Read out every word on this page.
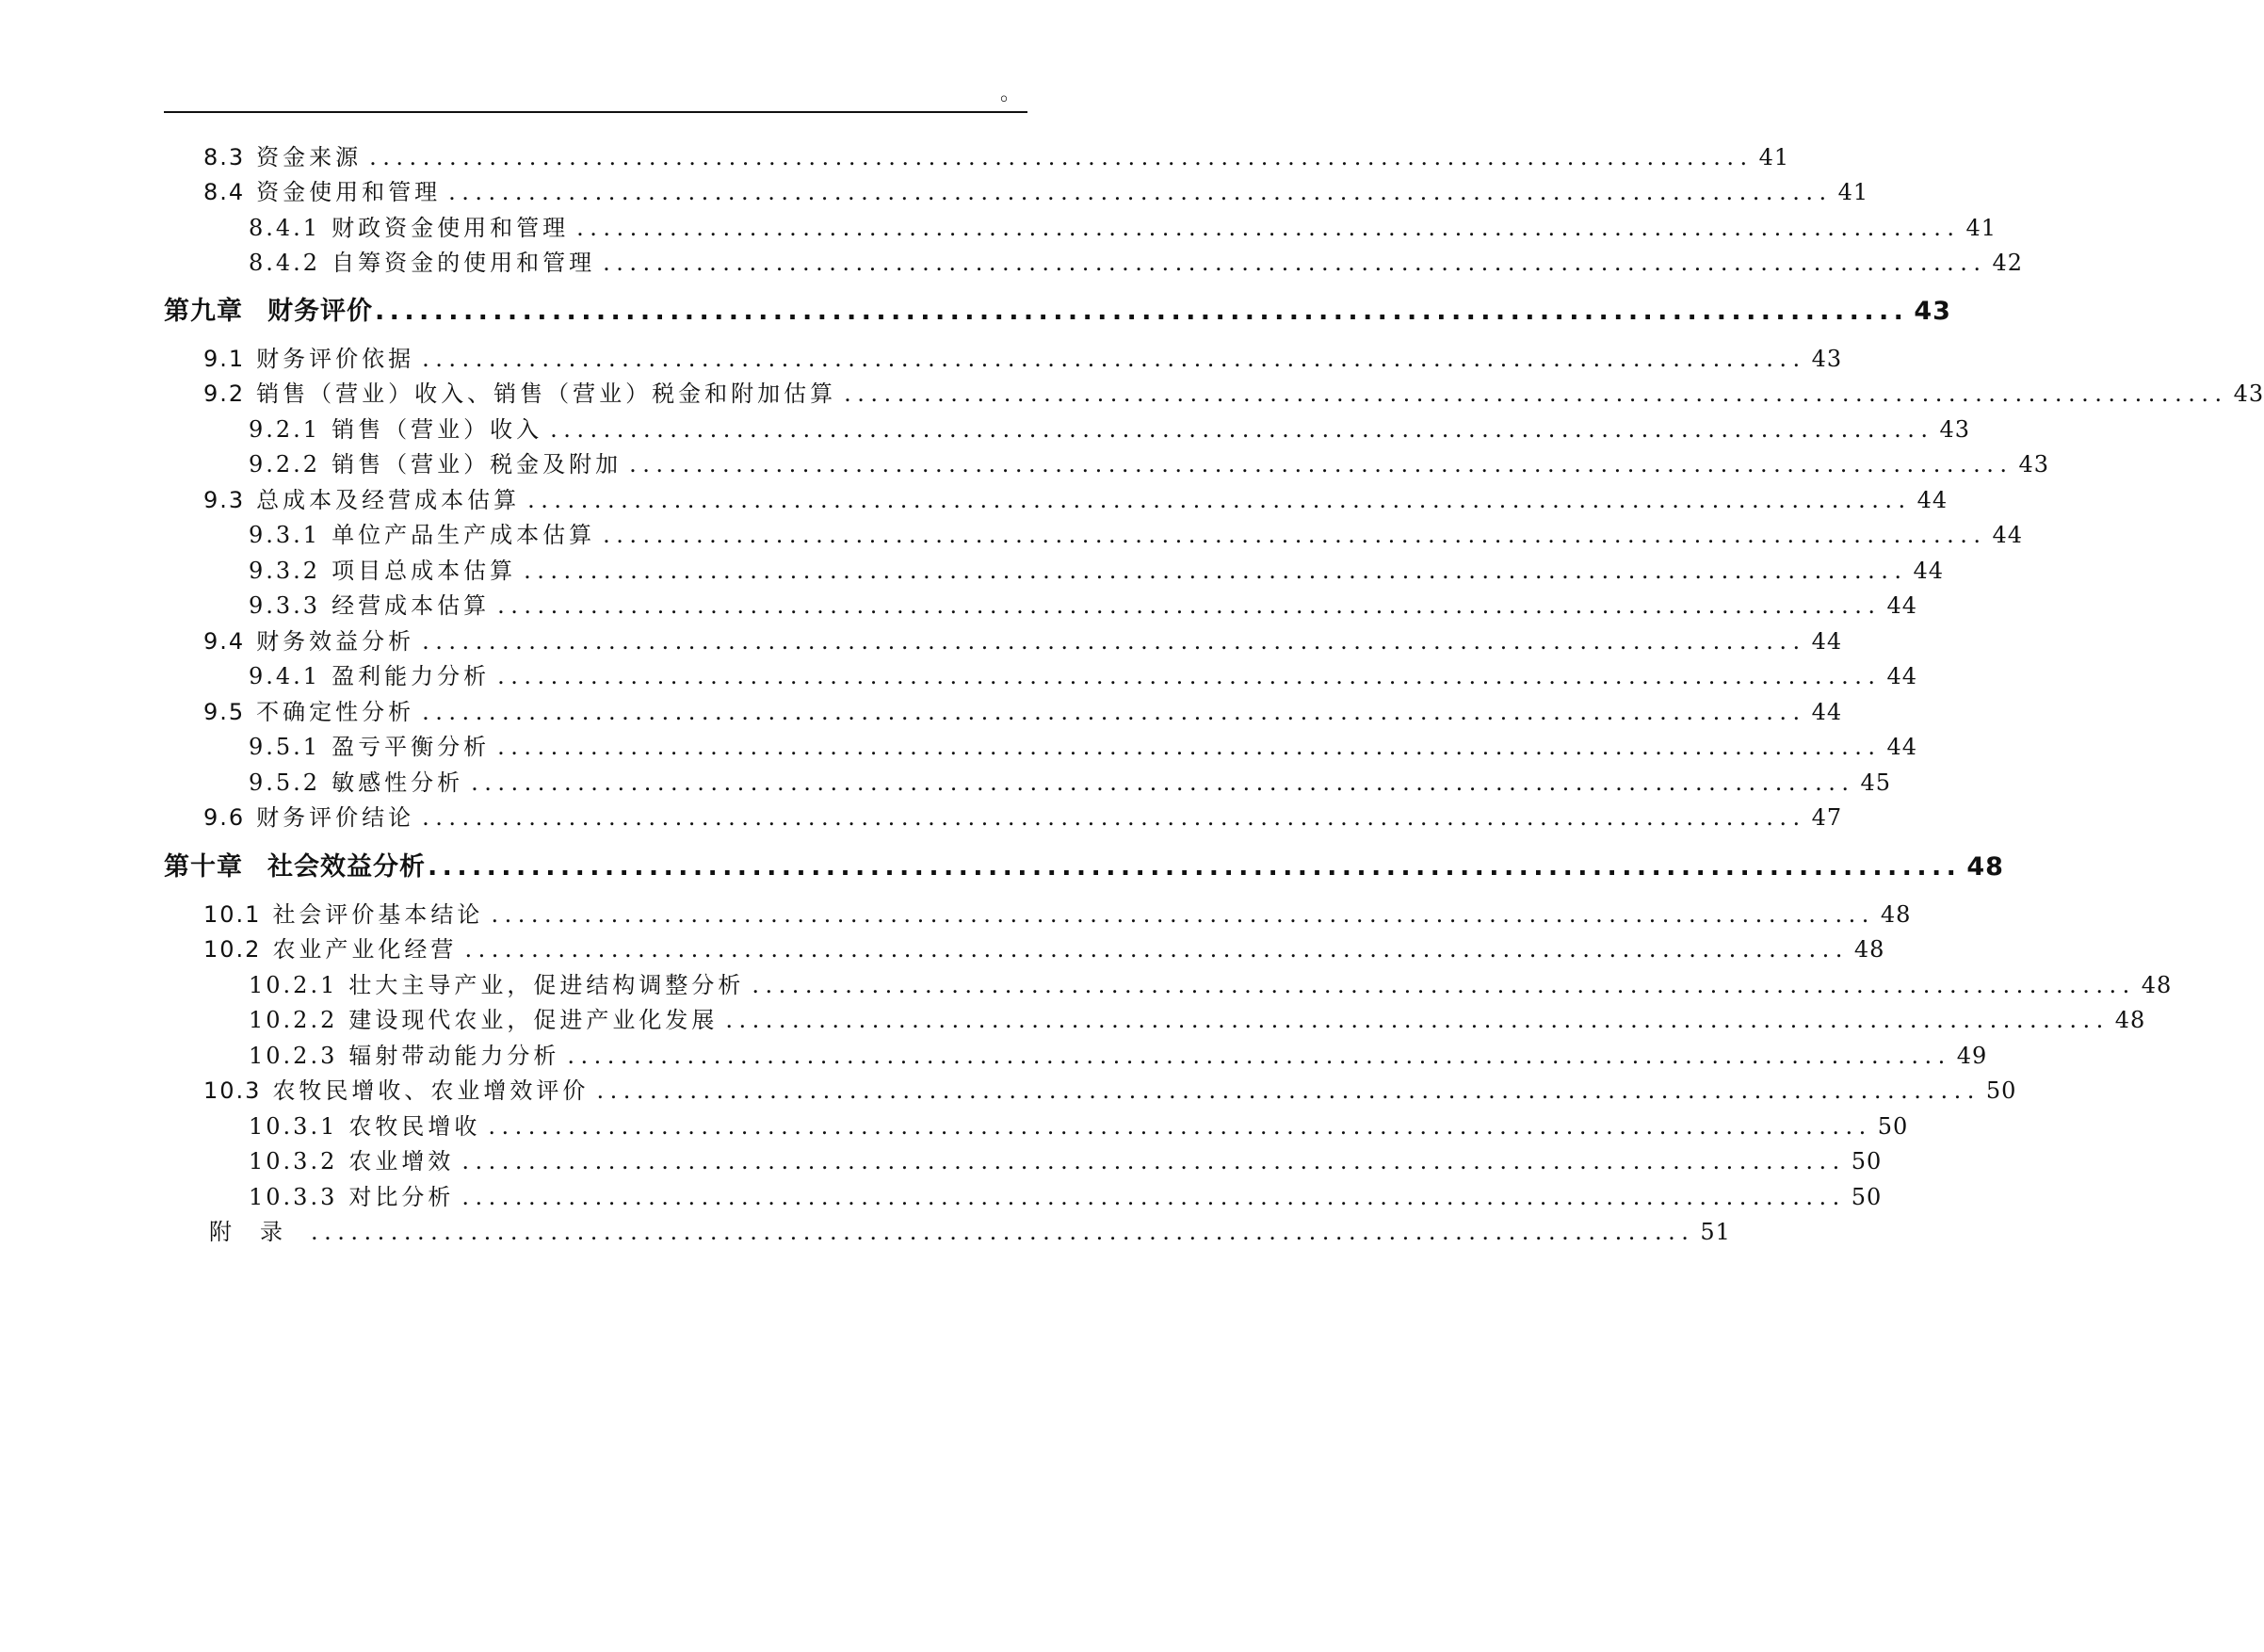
。
8.3 资金来源 ........................................................................................................ 41
8.4 资金使用和管理 ........................................................................................................ 41
8.4.1 财政资金使用和管理 ........................................................................................................ 41
8.4.2 自筹资金的使用和管理 ........................................................................................................ 42
第九章 财务评价 ........................................................................................................ 43
9.1 财务评价依据 ........................................................................................................ 43
9.2 销售（营业）收入、销售（营业）税金和附加估算 ........................................................................................................ 43
9.2.1 销售（营业）收入 ........................................................................................................ 43
9.2.2 销售（营业）税金及附加 ........................................................................................................ 43
9.3 总成本及经营成本估算 ........................................................................................................ 44
9.3.1 单位产品生产成本估算 ........................................................................................................ 44
9.3.2 项目总成本估算 ........................................................................................................ 44
9.3.3 经营成本估算 ........................................................................................................ 44
9.4 财务效益分析 ........................................................................................................ 44
9.4.1 盈利能力分析 ........................................................................................................ 44
9.5 不确定性分析 ........................................................................................................ 44
9.5.1 盈亏平衡分析 ........................................................................................................ 44
9.5.2 敏感性分析 ........................................................................................................ 45
9.6 财务评价结论 ........................................................................................................ 47
第十章 社会效益分析 ........................................................................................................ 48
10.1 社会评价基本结论 ........................................................................................................ 48
10.2 农业产业化经营 ........................................................................................................ 48
10.2.1 壮大主导产业，促进结构调整分析 ........................................................................................................ 48
10.2.2 建设现代农业，促进产业化发展 ........................................................................................................ 48
10.2.3 辐射带动能力分析 ........................................................................................................ 49
10.3 农牧民增收、农业增效评价 ........................................................................................................ 50
10.3.1 农牧民增收 ........................................................................................................ 50
10.3.2 农业增效 ........................................................................................................ 50
10.3.3 对比分析 ........................................................................................................ 50
附录 ........................................................................................................ 51
